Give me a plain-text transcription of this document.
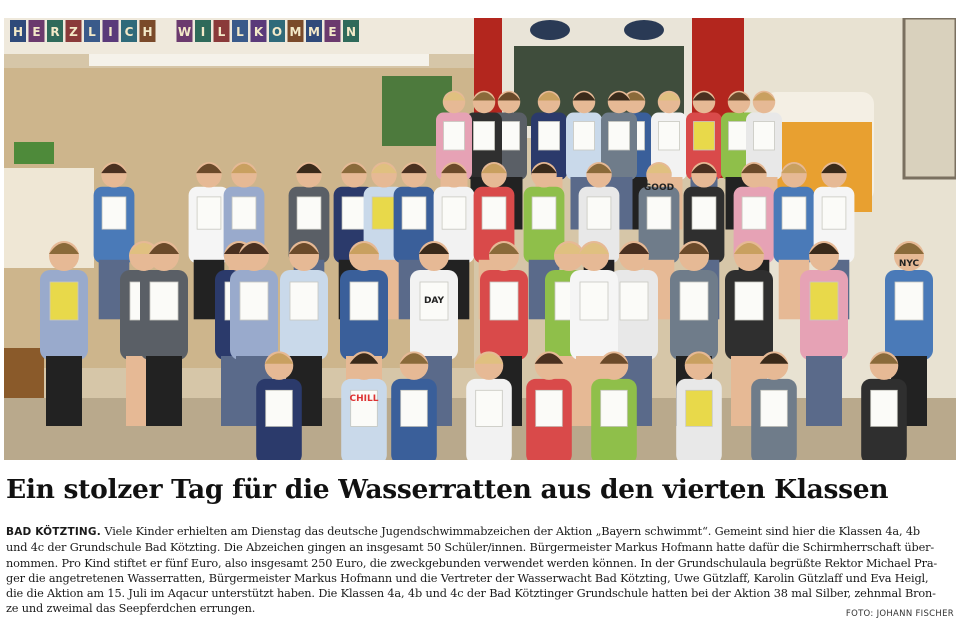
H E R Z L I C H W I L L K O M M E N
CHILL
DAY
NYC
GOOD
Ein stolzer Tag für die Wasserratten aus den vierten Klassen
BAD KÖTZTING. Viele Kinder erhielten am Dienstag das deutsche Jugendschwimmabzeichen der Aktion „Bayern schwimmt“. Gemeint sind hier die Klassen 4a, 4b
und 4c der Grundschule Bad Kötzting. Die Abzeichen gingen an insgesamt 50 Schüler/innen. Bürgermeister Markus Hofmann hatte dafür die Schirmherrschaft über-
nommen. Pro Kind stiftet er fünf Euro, also insgesamt 250 Euro, die zweckgebunden verwendet werden können. In der Grundschulaula begrüßte Rektor Michael Pra-
ger die angetretenen Wasserratten, Bürgermeister Markus Hofmann und die Vertreter der Wasserwacht Bad Kötzting, Uwe Gützlaff, Karolin Gützlaff und Eva Heigl,
die die Aktion am 15. Juli im Aqacur unterstützt haben. Die Klassen 4a, 4b und 4c der Bad Kötztinger Grundschule hatten bei der Aktion 38 mal Silber, zehnmal Bron-
ze und zweimal das Seepferdchen errungen.	FOTO: JOHANN FISCHER
